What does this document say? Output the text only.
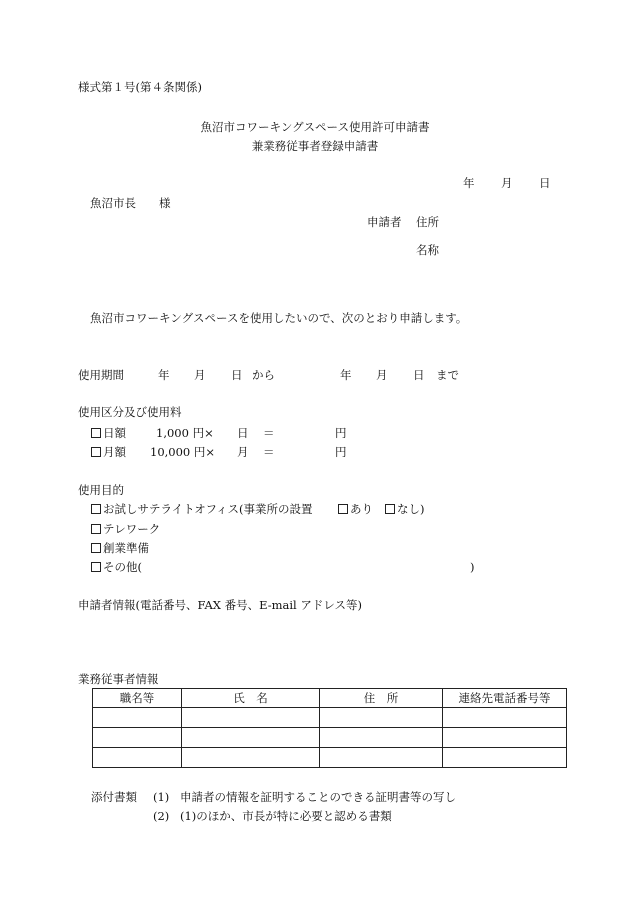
様式第１号(第４条関係)
魚沼市コワーキングスペース使用許可申請書
兼業務従事者登録申請書
年 月 日
魚沼市長　　様
申請者 住所
名称
魚沼市コワーキングスペースを使用したいので、次のとおり申請します。
使用期間	年 月 日 から	年 月 日 まで
使用区分及び使用料
日額	1,000 円× 日 ＝	円
月額 10,000 円× 月 ＝	円
使用目的
お試しサテライトオフィス(事業所の設置	あり	なし)
テレワーク
創業準備
その他(	)
申請者情報(電話番号、FAX 番号、E-mail アドレス等)
業務従事者情報
職名等	氏　名	住　所	連絡先電話番号等

添付書類 (1) 申請者の情報を証明することのできる証明書等の写し
(2) (1)のほか、市長が特に必要と認める書類
